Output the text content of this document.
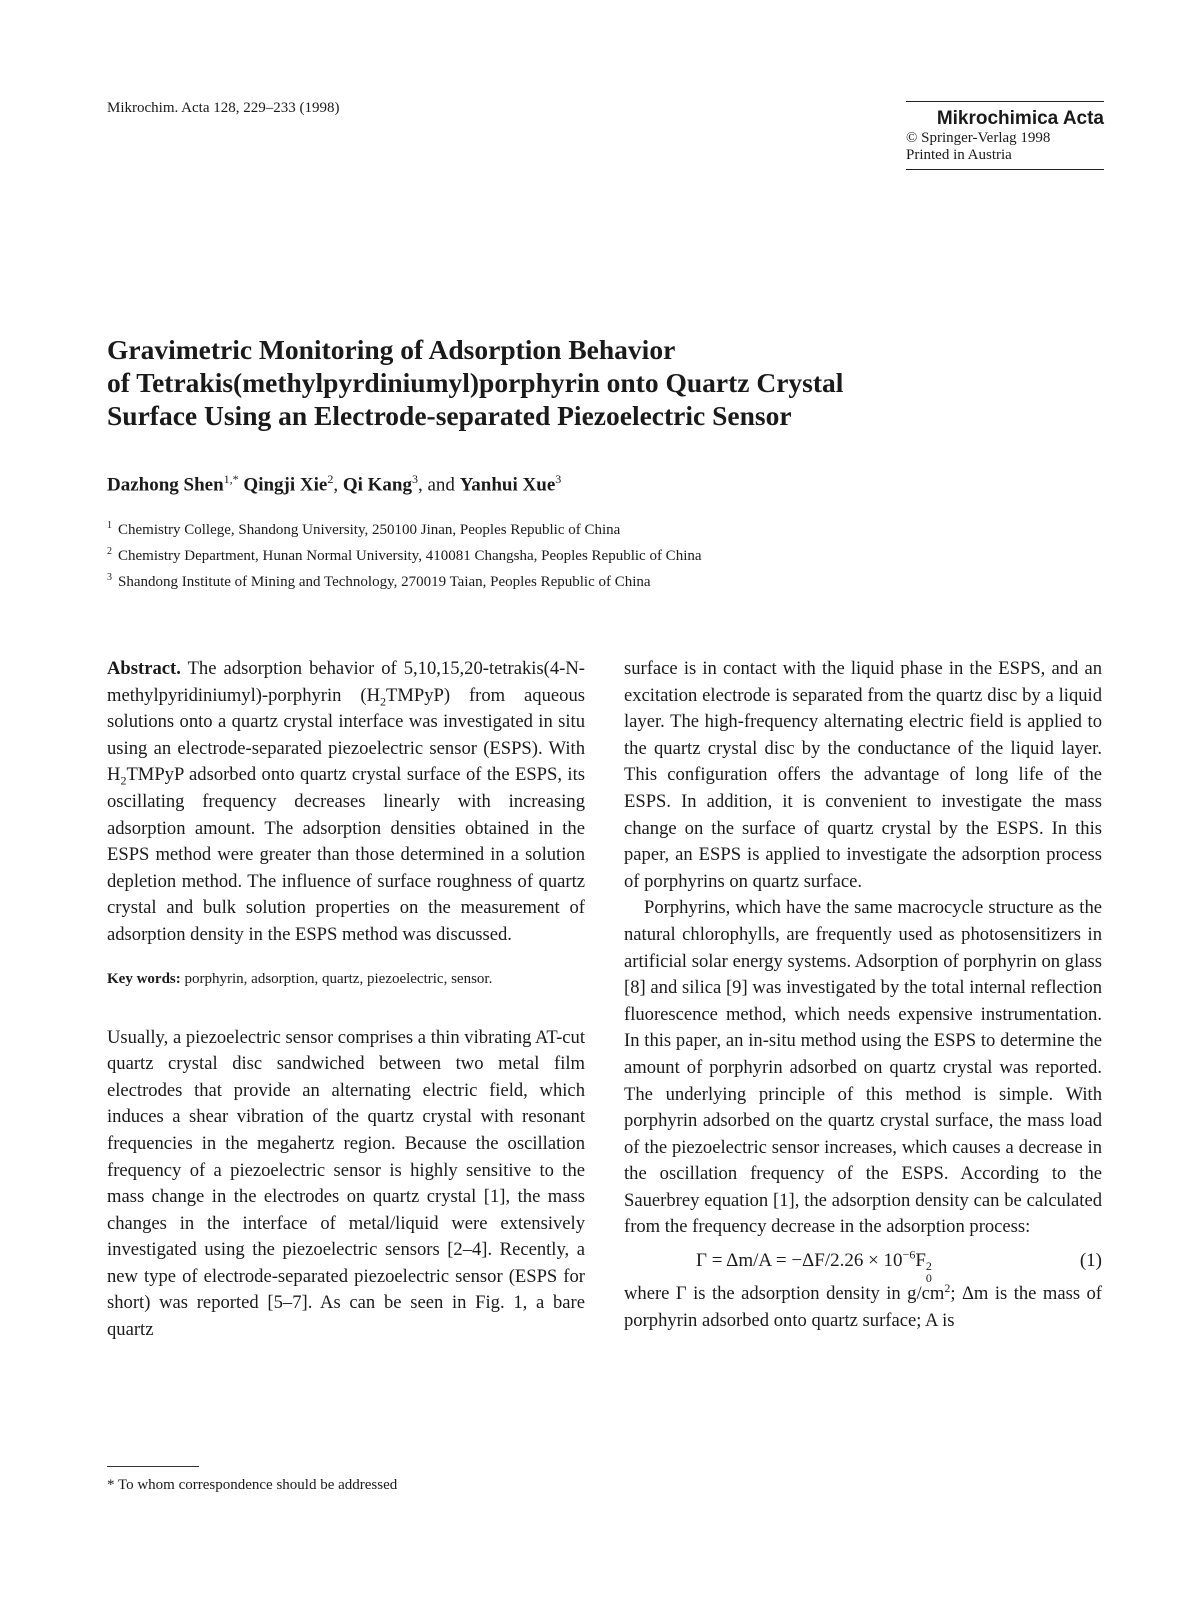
Mikrochim. Acta 128, 229–233 (1998)	Mikrochimica Acta
© Springer-Verlag 1998
Printed in Austria
Gravimetric Monitoring of Adsorption Behavior
of Tetrakis(methylpyrdiniumyl)porphyrin onto Quartz Crystal
Surface Using an Electrode-separated Piezoelectric Sensor
Dazhong Shen$^{1,*}$ Qingji Xie$^2$, Qi Kang$^3$, and Yanhui Xue$^3$
$^1$ Chemistry College, Shandong University, 250100 Jinan, Peoples Republic of China
$^2$ Chemistry Department, Hunan Normal University, 410081 Changsha, Peoples Republic of China
$^3$ Shandong Institute of Mining and Technology, 270019 Taian, Peoples Republic of China

Abstract. The adsorption behavior of 5,10,15,20-tetrakis(4-N-methylpyridiniumyl)-porphyrin $(H_2TMPyP)$ from aqueous solutions onto a quartz crystal interface was investigated in situ using an electrode-separated piezoelectric sensor (ESPS). With $H_2TMPyP$ adsorbed onto quartz crystal surface of the ESPS, its oscillating frequency decreases linearly with increasing adsorption amount. The adsorption densities obtained in the ESPS method were greater than those determined in a solution depletion method. The influence of surface roughness of quartz crystal and bulk solution properties on the measurement of adsorption density in the ESPS method was discussed.

Key words: porphyrin, adsorption, quartz, piezoelectric, sensor.

Usually, a piezoelectric sensor comprises a thin vibrating AT-cut quartz crystal disc sandwiched between two metal film electrodes that provide an alternating electric field, which induces a shear vibration of the quartz crystal with resonant frequencies in the megahertz region. Because the oscillation frequency of a piezoelectric sensor is highly sensitive to the mass change in the electrodes on quartz crystal [1], the mass changes in the interface of metal/liquid were extensively investigated using the piezoelectric sensors [2–4]. Recently, a new type of electrode-separated piezoelectric sensor (ESPS for short) was reported [5–7]. As can be seen in Fig. 1, a bare quartz

surface is in contact with the liquid phase in the ESPS, and an excitation electrode is separated from the quartz disc by a liquid layer. The high-frequency alternating electric field is applied to the quartz crystal disc by the conductance of the liquid layer. This configuration offers the advantage of long life of the ESPS. In addition, it is convenient to investigate the mass change on the surface of quartz crystal by the ESPS. In this paper, an ESPS is applied to investigate the adsorption process of porphyrins on quartz surface.

Porphyrins, which have the same macrocycle structure as the natural chlorophylls, are frequently used as photosensitizers in artificial solar energy systems. Adsorption of porphyrin on glass [8] and silica [9] was investigated by the total internal reflection fluorescence method, which needs expensive instrumentation. In this paper, an in-situ method using the ESPS to determine the amount of porphyrin adsorbed on quartz crystal was reported. The underlying principle of this method is simple. With porphyrin adsorbed on the quartz crystal surface, the mass load of the piezoelectric sensor increases, which causes a decrease in the oscillation frequency of the ESPS. According to the Sauerbrey equation [1], the adsorption density can be calculated from the frequency decrease in the adsorption process:

$\Gamma = \Delta m/A = -\Delta F/2.26 \times 10^{-6}F$ 2
0
(1)

where Γ is the adsorption density in $g/cm^2$; Δm is the mass of porphyrin adsorbed onto quartz surface; A is

* To whom correspondence should be addressed
